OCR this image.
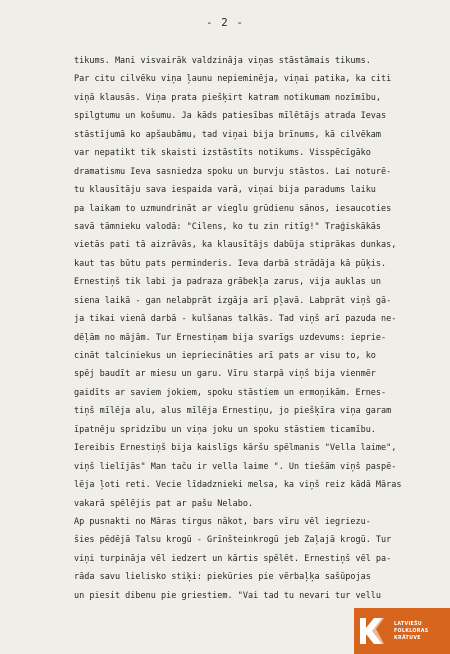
- 2 -
tikums. Mani visvairāk valdzināja viņas stāstāmais tikums.
Par citu cilvēku viņa ļaunu nepieminēja, viņai patika, ka citi
viņā klausās. Viņa prata piešķirt katram notikumam nozīmību,
spilgtumu un košumu. Ja kāds patiesības mīlētājs atrada Ievas
stāstījumā ko apšaubāmu, tad viņai bija brīnums, kā cilvēkam
var nepatikt tik skaisti izstāstīts notikums. Visspēcīgāko
dramatismu Ieva sasniedza spoku un burvju stāstos. Lai noturē-
tu klausītāju sava iespaida varā, viņai bija paradums laiku
pa laikam to uzmundrināt ar vieglu grūdienu sānos, iesaucoties
savā tāmnieku valodā: "Cilens, ko tu zin ritīg!" Traģiskākās
vietās pati tā aizrāvās, ka klausītājs dabūja stiprākas dunkas,
kaut tas būtu pats perminderis. Ieva darbā strādāja kā pūķis.
Ernestiņš tik labi ja padraza grābekļa zarus, vija auklas un
siena laikā - gan nelabprāt izgāja arī pļavā. Labprāt viņš gā-
ja tikai vienā darbā - kulšanas talkās. Tad viņš arī pazuda ne-
dēļām no mājām. Tur Ernestiņam bija svarīgs uzdevums: ieprie-
cināt talciniekus un iepriecināties arī pats ar visu to, ko
spēj baudīt ar miesu un garu. Vīru starpā viņš bija vienmēr
gaidīts ar saviem jokiem, spoku stāstiem un ermoņikām. Ernes-
tiņš mīlēja alu, alus mīlēja Ernestiņu, jo piešķīra viņa garam
īpatnēju spridzību un viņa joku un spoku stāstiem ticamību.
Iereibis Ernestiņš bija kaislīgs kāršu spēlmanis "Vella laime",
viņš lielījās" Man taču ir vella laime ". Un tiešām viņš paspē-
lēja ļoti reti. Vecie līdadznieki melsa, ka viņš reiz kādā Māras
vakarā spēlējis pat ar pašu Nelabo.
Ap pusnakti no Māras tirgus nākot, bars vīru vēl iegriezu-
šies pēdējā Talsu krogū - Grīnšteinkrogū jeb Zaļajā krogū. Tur
viņi turpināja vēl iedzert un kārtis spēlēt. Ernestiņš vēl pa-
rāda savu lielisko stiķi: piekūries pie vērbaļķa sašūpojas
un piesit dibenu pie griestiem. "Vai tad tu nevari tur vellu
LATVIEŠU
FOLKLORAS
KRĀTUVE
